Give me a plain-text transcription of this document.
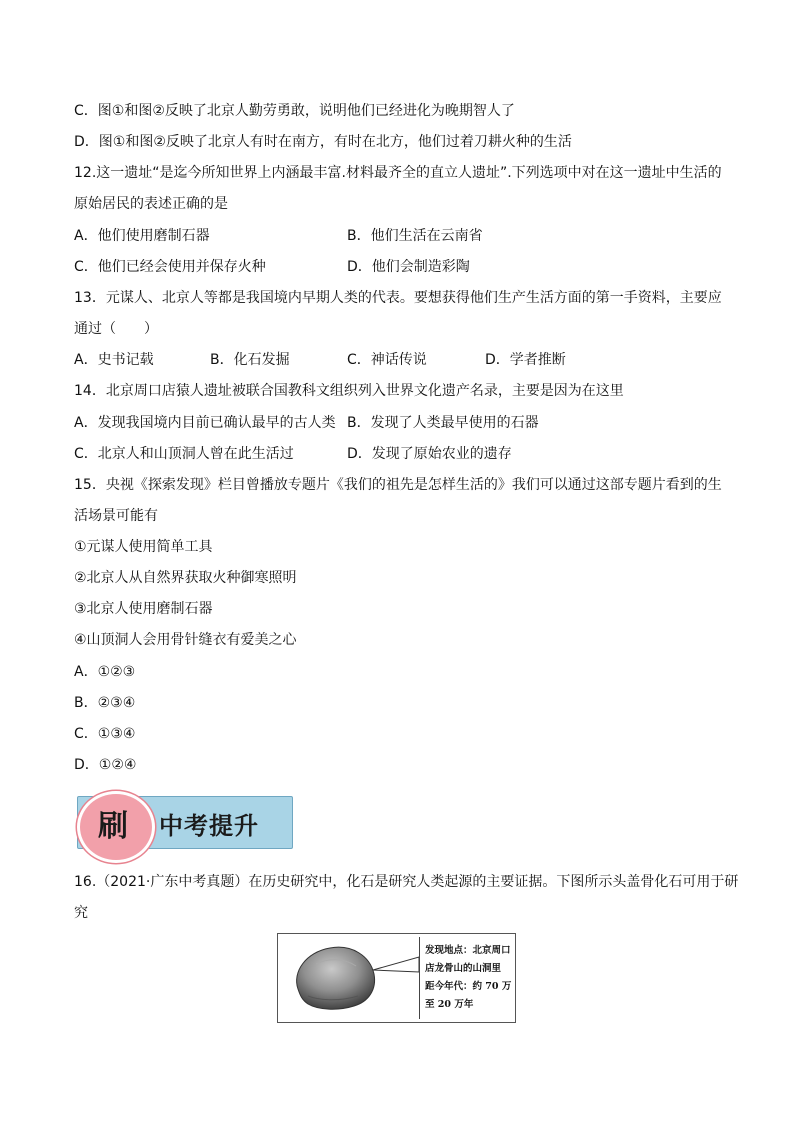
C．图①和图②反映了北京人勤劳勇敢，说明他们已经进化为晚期智人了
D．图①和图②反映了北京人有时在南方，有时在北方，他们过着刀耕火种的生活
12.这一遗址“是迄今所知世界上内涵最丰富.材料最齐全的直立人遗址”.下列选项中对在这一遗址中生活的
原始居民的表述正确的是
A．他们使用磨制石器	B．他们生活在云南省
C．他们已经会使用并保存火种	D．他们会制造彩陶
13．元谋人、北京人等都是我国境内早期人类的代表。要想获得他们生产生活方面的第一手资料，主要应
通过（　　）
A．史书记载	B．化石发掘	C．神话传说	D．学者推断
14．北京周口店猿人遗址被联合国教科文组织列入世界文化遗产名录，主要是因为在这里
A．发现我国境内目前已确认最早的古人类 B．发现了人类最早使用的石器
C．北京人和山顶洞人曾在此生活过	D．发现了原始农业的遗存
15．央视《探索发现》栏目曾播放专题片《我们的祖先是怎样生活的》我们可以通过这部专题片看到的生
活场景可能有
①元谋人使用简单工具
②北京人从自然界获取火种御寒照明
③北京人使用磨制石器
④山顶洞人会用骨针缝衣有爱美之心
A．①②③
B．②③④
C．①③④
D．①②④
中考提升
刷
16.（2021·广东中考真题）在历史研究中，化石是研究人类起源的主要证据。下图所示头盖骨化石可用于研
究
发现地点：北京周口
店龙骨山的山洞里
距今年代：约 70 万
至 20 万年
